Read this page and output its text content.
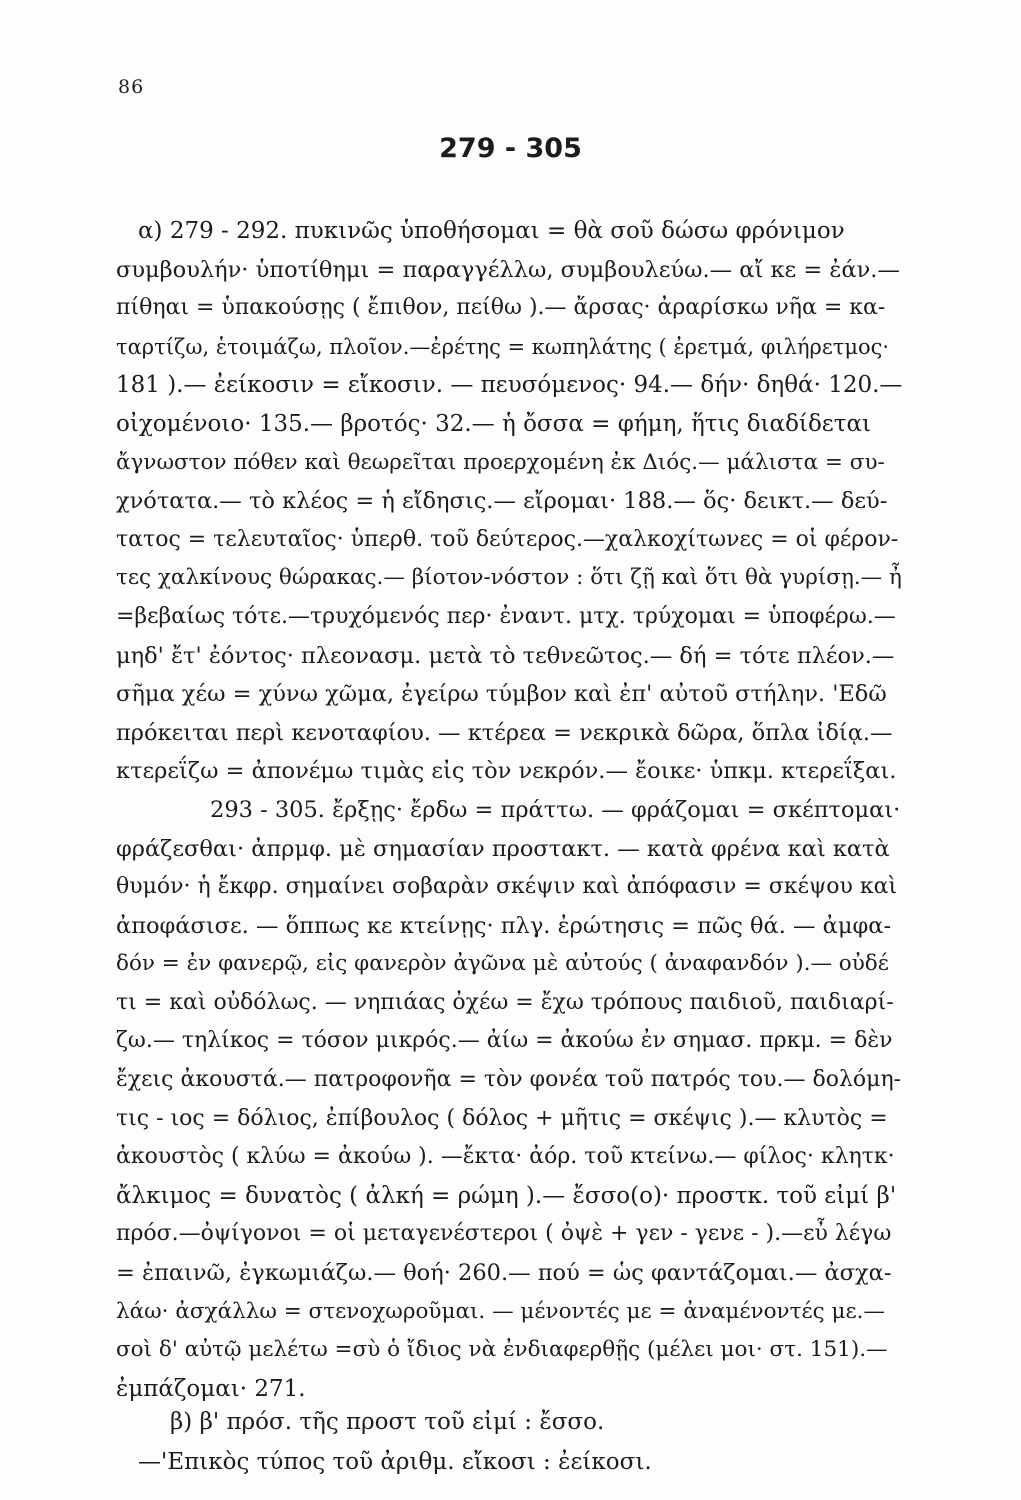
86
279 - 305
α) 279 - 292. πυκινῶς ὑποθήσομαι = θὰ σοῦ δώσω φρόνιμον
συμβουλήν· ὑποτίθημι = παραγγέλλω, συμβουλεύω.— αἴ κε = ἐάν.—
πίθηαι = ὑπακούσῃς ( ἔπιθον, πείθω ).— ἄρσας· ἀραρίσκω νῆα = κα-
ταρτίζω, ἑτοιμάζω, πλοῖον.—ἐρέτης = κωπηλάτης ( ἐρετμά, φιλήρετμος·
181 ).— ἐείκοσιν = εἴκοσιν. — πευσόμενος· 94.— δήν· δηθά· 120.—
οἰχομένοιο· 135.— βροτός· 32.— ἡ ὄσσα = φήμη, ἥτις διαδίδεται
ἄγνωστον πόθεν καὶ θεωρεῖται προερχομένη ἐκ Διός.— μάλιστα = συ-
χνότατα.— τὸ κλέος = ἡ εἴδησις.— εἴρομαι· 188.— ὅς· δεικτ.— δεύ-
τατος = τελευταῖος· ὑπερθ. τοῦ δεύτερος.—χαλκοχίτωνες = οἱ φέρον-
τες χαλκίνους θώρακας.— βίοτον-νόστον : ὅτι ζῇ καὶ ὅτι θὰ γυρίσῃ.— ἦ
=βεβαίως τότε.—τρυχόμενός περ· ἐναντ. μτχ. τρύχομαι = ὑποφέρω.—
μηδ' ἔτ' ἐόντος· πλεονασμ. μετὰ τὸ τεθνεῶτος.— δή = τότε πλέον.—
σῆμα χέω = χύνω χῶμα, ἐγείρω τύμβον καὶ ἐπ' αὐτοῦ στήλην. 'Εδῶ
πρόκειται περὶ κενοταφίου. — κτέρεα = νεκρικὰ δῶρα, ὅπλα ἰδίᾳ.—
κτερεΐζω = ἀπονέμω τιμὰς εἰς τὸν νεκρόν.— ἔοικε· ὑπκμ. κτερεΐξαι.
293 - 305. ἔρξῃς· ἔρδω = πράττω. — φράζομαι = σκέπτομαι·
φράζεσθαι· ἀπρμφ. μὲ σημασίαν προστακτ. — κατὰ φρένα καὶ κατὰ
θυμόν· ἡ ἔκφρ. σημαίνει σοβαρὰν σκέψιν καὶ ἀπόφασιν = σκέψου καὶ
ἀποφάσισε. — ὅππως κε κτείνῃς· πλγ. ἐρώτησις = πῶς θά. — ἀμφα-
δόν = ἐν φανερῷ, εἰς φανερὸν ἀγῶνα μὲ αὐτούς ( ἀναφανδόν ).— οὐδέ
τι = καὶ οὐδόλως. — νηπιάας ὀχέω = ἔχω τρόπους παιδιοῦ, παιδιαρί-
ζω.— τηλίκος = τόσον μικρός.— ἀίω = ἀκούω ἐν σημασ. πρκμ. = δὲν
ἔχεις ἀκουστά.— πατροφονῆα = τὸν φονέα τοῦ πατρός του.— δολόμη-
τις - ιος = δόλιος, ἐπίβουλος ( δόλος + μῆτις = σκέψις ).— κλυτὸς =
ἀκουστὸς ( κλύω = ἀκούω ). —ἔκτα· ἀόρ. τοῦ κτείνω.— φίλος· κλητκ·
ἄλκιμος = δυνατὸς ( ἀλκή = ρώμη ).— ἔσσο(ο)· προστκ. τοῦ εἰμί β'
πρόσ.—ὀψίγονοι = οἱ μεταγενέστεροι ( ὀψὲ + γεν - γενε - ).—εὖ λέγω
= ἐπαινῶ, ἐγκωμιάζω.— θοή· 260.— πού = ὡς φαντάζομαι.— ἀσχα-
λάω· ἀσχάλλω = στενοχωροῦμαι. — μένοντές με = ἀναμένοντές με.—
σοὶ δ' αὐτῷ μελέτω =σὺ ὁ ἴδιος νὰ ἐνδιαφερθῇς (μέλει μοι· στ. 151).—
ἐμπάζομαι· 271.
β) β' πρόσ. τῆς προστ τοῦ εἰμί : ἔσσο.
—'Επικὸς τύπος τοῦ ἀριθμ. εἴκοσι : ἐείκοσι.
